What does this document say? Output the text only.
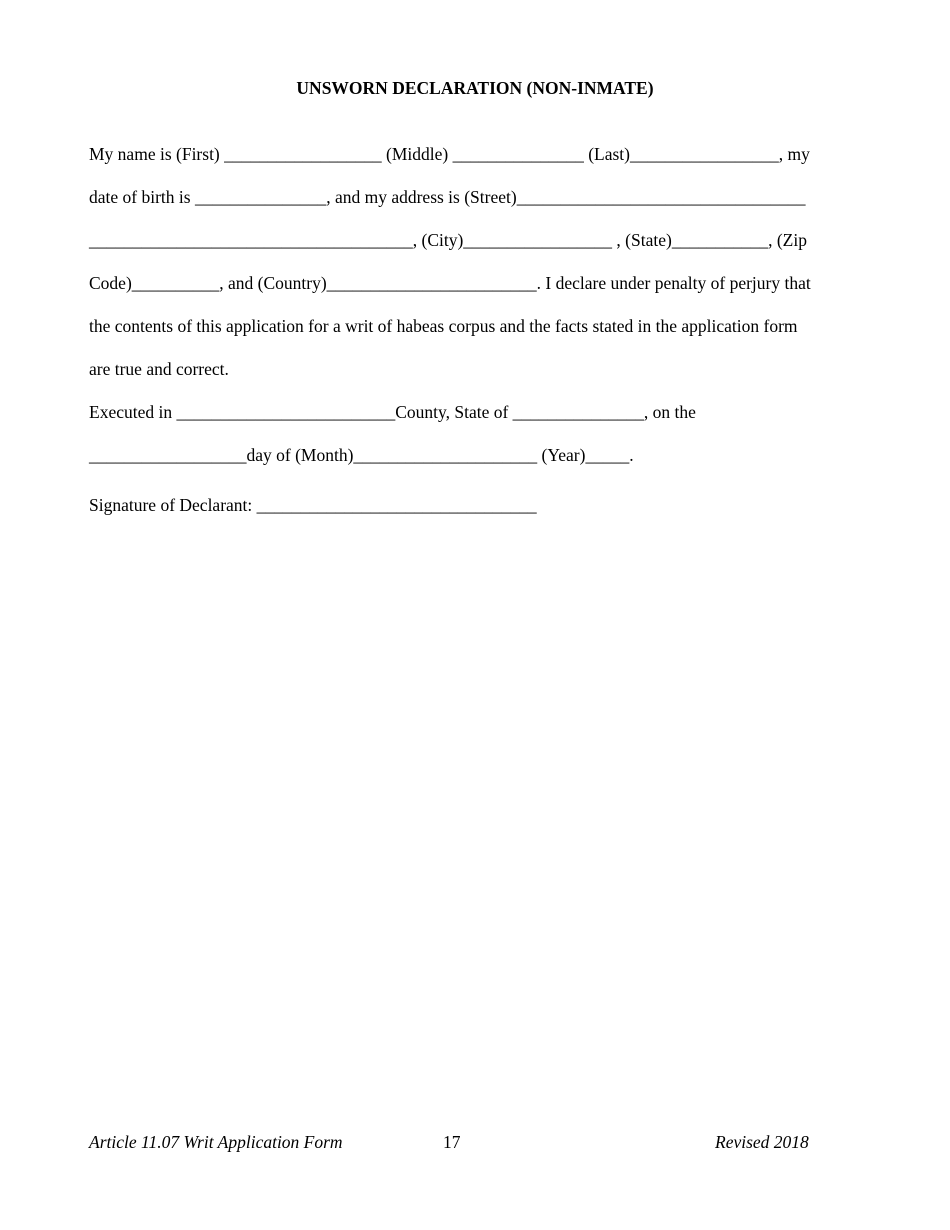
UNSWORN DECLARATION (NON-INMATE)

My name is (First) __________________ (Middle) _______________ (Last)_________________, my

date of birth is _______________, and my address is (Street)_________________________________

_____________________________________, (City)_________________ , (State)___________, (Zip

Code)__________, and (Country)________________________. I declare under penalty of perjury that

the contents of this application for a writ of habeas corpus and the facts stated in the application form

are true and correct.

Executed in _________________________County, State of _______________, on the

__________________day of (Month)_____________________ (Year)_____.

Signature of Declarant: ________________________________

Article 11.07 Writ Application Form	17	Revised 2018
